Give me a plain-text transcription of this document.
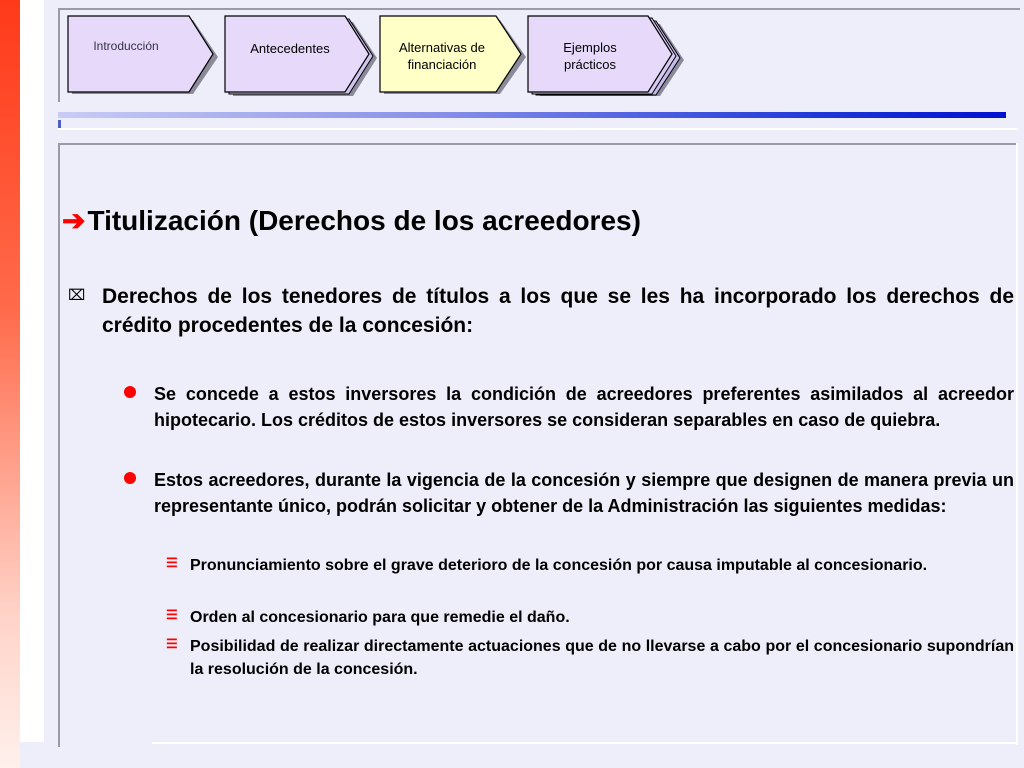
Introducción	Antecedentes	Alternativas de financiación
Ejemplos prácticos
➔Titulización (Derechos de los acreedores)
⌧ Derechos de los tenedores de títulos a los que se les ha incorporado los derechos de crédito procedentes de la concesión:
Se concede a estos inversores la condición de acreedores preferentes asimilados al acreedor hipotecario. Los créditos de estos inversores se consideran separables en caso de quiebra.
Estos acreedores, durante la vigencia de la concesión y siempre que designen de manera previa un representante único, podrán solicitar y obtener de la Administración las siguientes medidas:
☰ Pronunciamiento sobre el grave deterioro de la concesión por causa imputable al concesionario.
☰ Orden al concesionario para que remedie el daño.
☰ Posibilidad de realizar directamente actuaciones que de no llevarse a cabo por el concesionario supondrían la resolución de la concesión.
